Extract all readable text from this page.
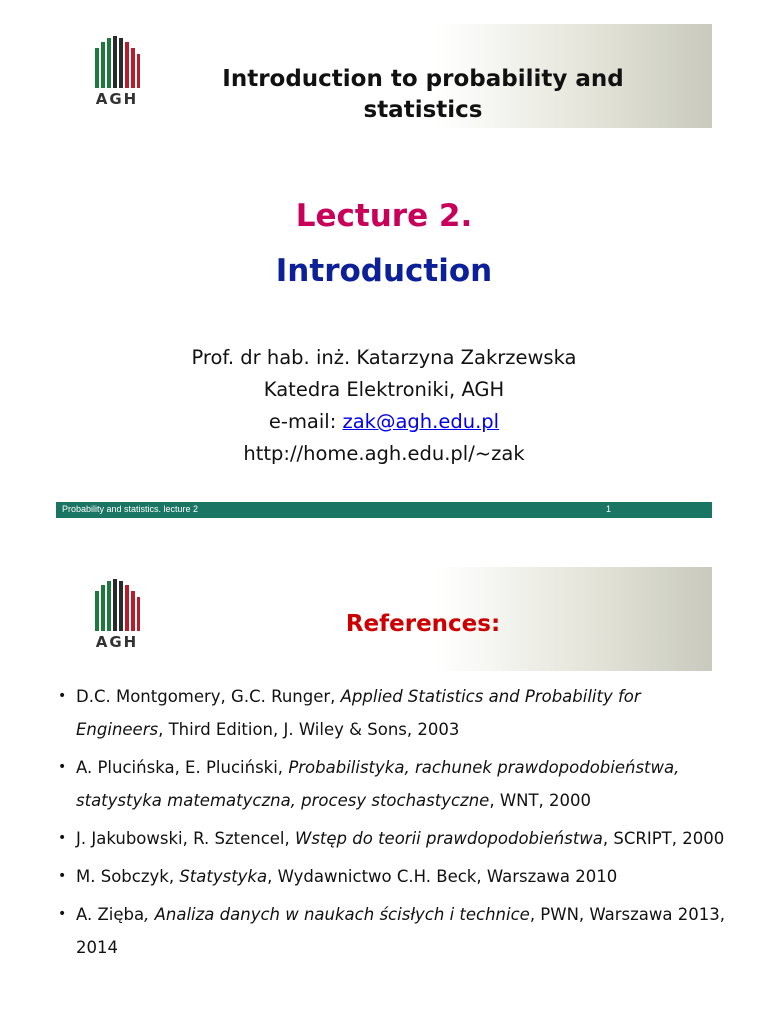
AGH
Introduction to probability and
statistics
Lecture 2.
Introduction
Prof. dr hab. inż. Katarzyna Zakrzewska
Katedra Elektroniki, AGH
e-mail: zak@agh.edu.pl
http://home.agh.edu.pl/~zak
Probability and statistics. lecture 2	1
AGH
References:
• D.C. Montgomery, G.C. Runger, Applied Statistics and Probability for Engineers, Third Edition, J. Wiley & Sons, 2003
• A. Plucińska, E. Pluciński, Probabilistyka, rachunek prawdopodobieństwa, statystyka matematyczna, procesy stochastyczne, WNT, 2000
• J. Jakubowski, R. Sztencel, Wstęp do teorii prawdopodobieństwa, SCRIPT, 2000
• M. Sobczyk, Statystyka, Wydawnictwo C.H. Beck, Warszawa 2010
• A. Zięba, Analiza danych w naukach ścisłych i technice, PWN, Warszawa 2013, 2014
